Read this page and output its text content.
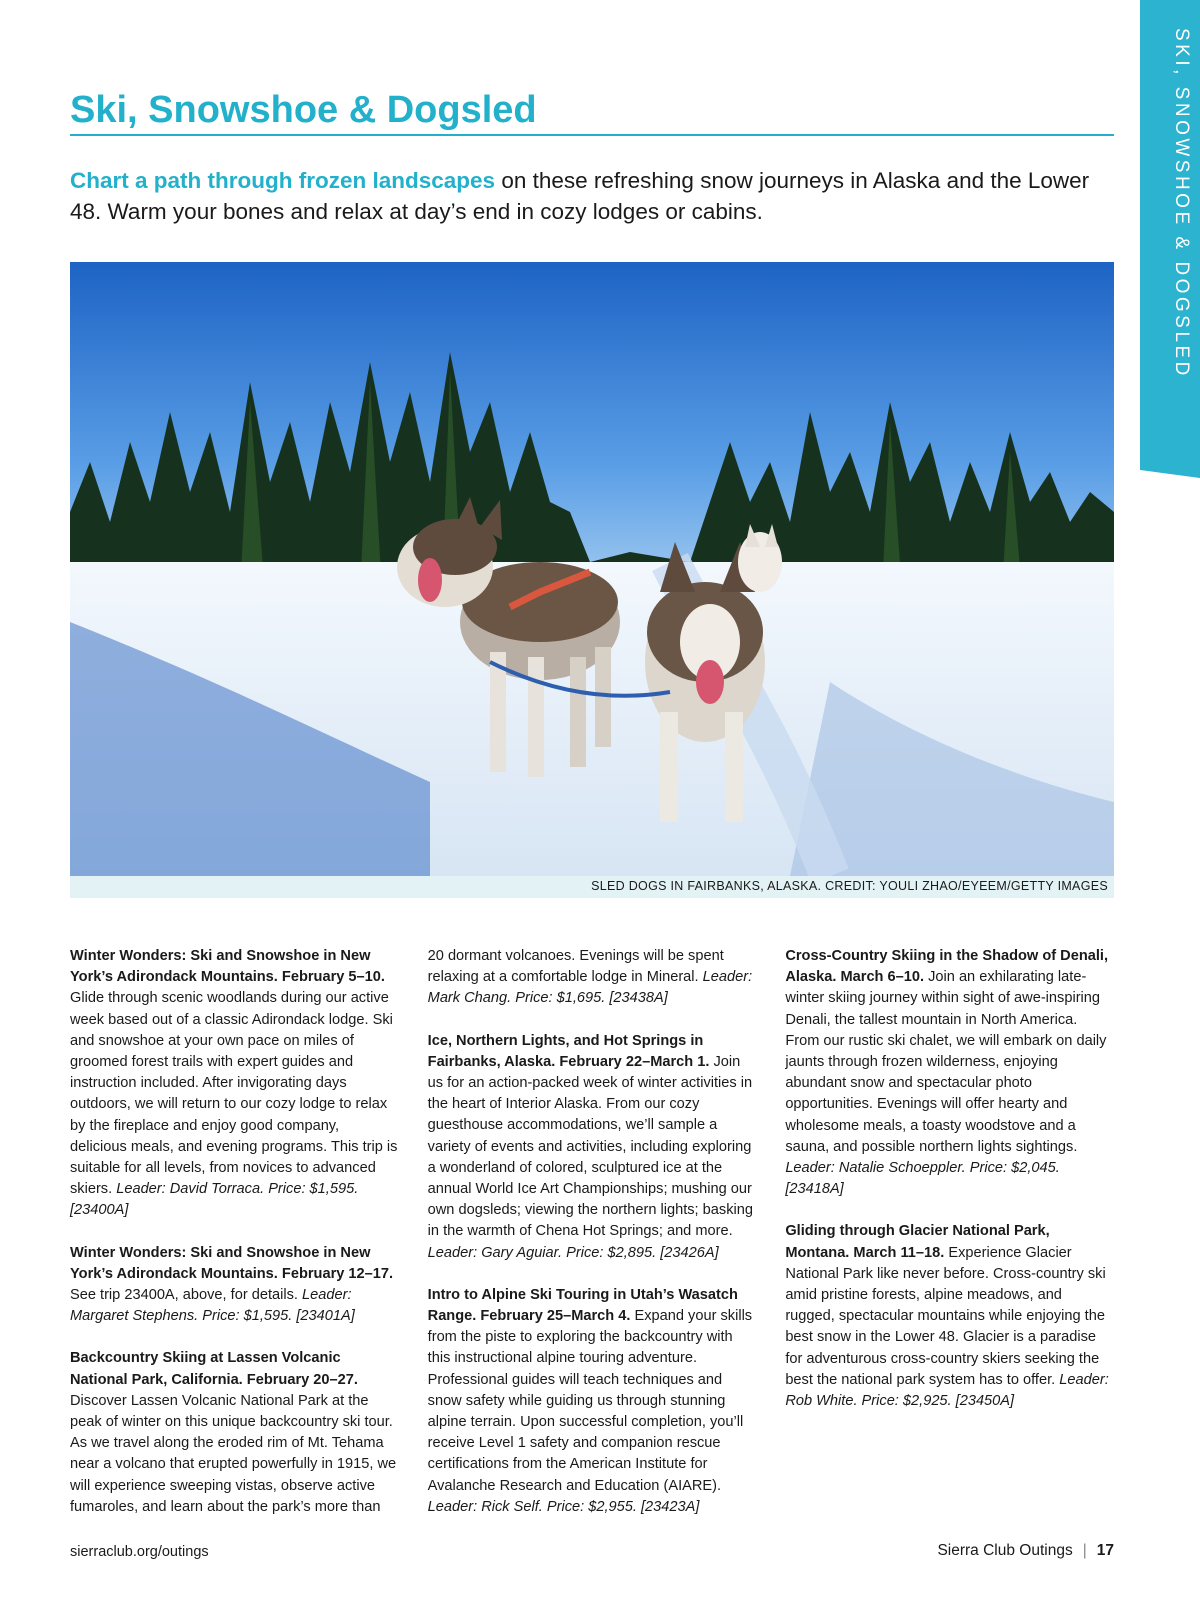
SKI, SNOWSHOE & DOGSLED
Ski, Snowshoe & Dogsled

Chart a path through frozen landscapes on these refreshing snow journeys in Alaska and the Lower 48. Warm your bones and relax at day’s end in cozy lodges or cabins.

SLED DOGS IN FAIRBANKS, ALASKA. CREDIT: YOULI ZHAO/EYEEM/GETTY IMAGES

Winter Wonders: Ski and Snowshoe in New York’s Adirondack Mountains. February 5–10. Glide through scenic woodlands during our active week based out of a classic Adirondack lodge. Ski and snowshoe at your own pace on miles of groomed forest trails with expert guides and instruction included. After invigorating days outdoors, we will return to our cozy lodge to relax by the fireplace and enjoy good company, delicious meals, and evening programs. This trip is suitable for all levels, from novices to advanced skiers. Leader: David Torraca. Price: $1,595. [23400A]

Winter Wonders: Ski and Snowshoe in New York’s Adirondack Mountains. February 12–17. See trip 23400A, above, for details. Leader: Margaret Stephens. Price: $1,595. [23401A]

Backcountry Skiing at Lassen Volcanic National Park, California. February 20–27. Discover Lassen Volcanic National Park at the peak of winter on this unique backcountry ski tour. As we travel along the eroded rim of Mt. Tehama near a volcano that erupted powerfully in 1915, we will experience sweeping vistas, observe active fumaroles, and learn about the park’s more than 20 dormant volcanoes. Evenings will be spent relaxing at a comfortable lodge in Mineral. Leader: Mark Chang. Price: $1,695. [23438A]

Ice, Northern Lights, and Hot Springs in Fairbanks, Alaska. February 22–March 1. Join us for an action-packed week of winter activities in the heart of Interior Alaska. From our cozy guesthouse accommodations, we’ll sample a variety of events and activities, including exploring a wonderland of colored, sculptured ice at the annual World Ice Art Championships; mushing our own dogsleds; viewing the northern lights; basking in the warmth of Chena Hot Springs; and more. Leader: Gary Aguiar. Price: $2,895. [23426A]

Intro to Alpine Ski Touring in Utah’s Wasatch Range. February 25–March 4. Expand your skills from the piste to exploring the backcountry with this instructional alpine touring adventure. Professional guides will teach techniques and snow safety while guiding us through stunning alpine terrain. Upon successful completion, you’ll receive Level 1 safety and companion rescue certifications from the American Institute for Avalanche Research and Education (AIARE). Leader: Rick Self. Price: $2,955. [23423A]

Cross-Country Skiing in the Shadow of Denali, Alaska. March 6–10. Join an exhilarating late-winter skiing journey within sight of awe-inspiring Denali, the tallest mountain in North America. From our rustic ski chalet, we will embark on daily jaunts through frozen wilderness, enjoying abundant snow and spectacular photo opportunities. Evenings will offer hearty and wholesome meals, a toasty woodstove and a sauna, and possible northern lights sightings. Leader: Natalie Schoeppler. Price: $2,045. [23418A]

Gliding through Glacier National Park, Montana. March 11–18. Experience Glacier National Park like never before. Cross-country ski amid pristine forests, alpine meadows, and rugged, spectacular mountains while enjoying the best snow in the Lower 48. Glacier is a paradise for adventurous cross-country skiers seeking the best the national park system has to offer. Leader: Rob White. Price: $2,925. [23450A]

sierraclub.org/outings	Sierra Club Outings | 17
